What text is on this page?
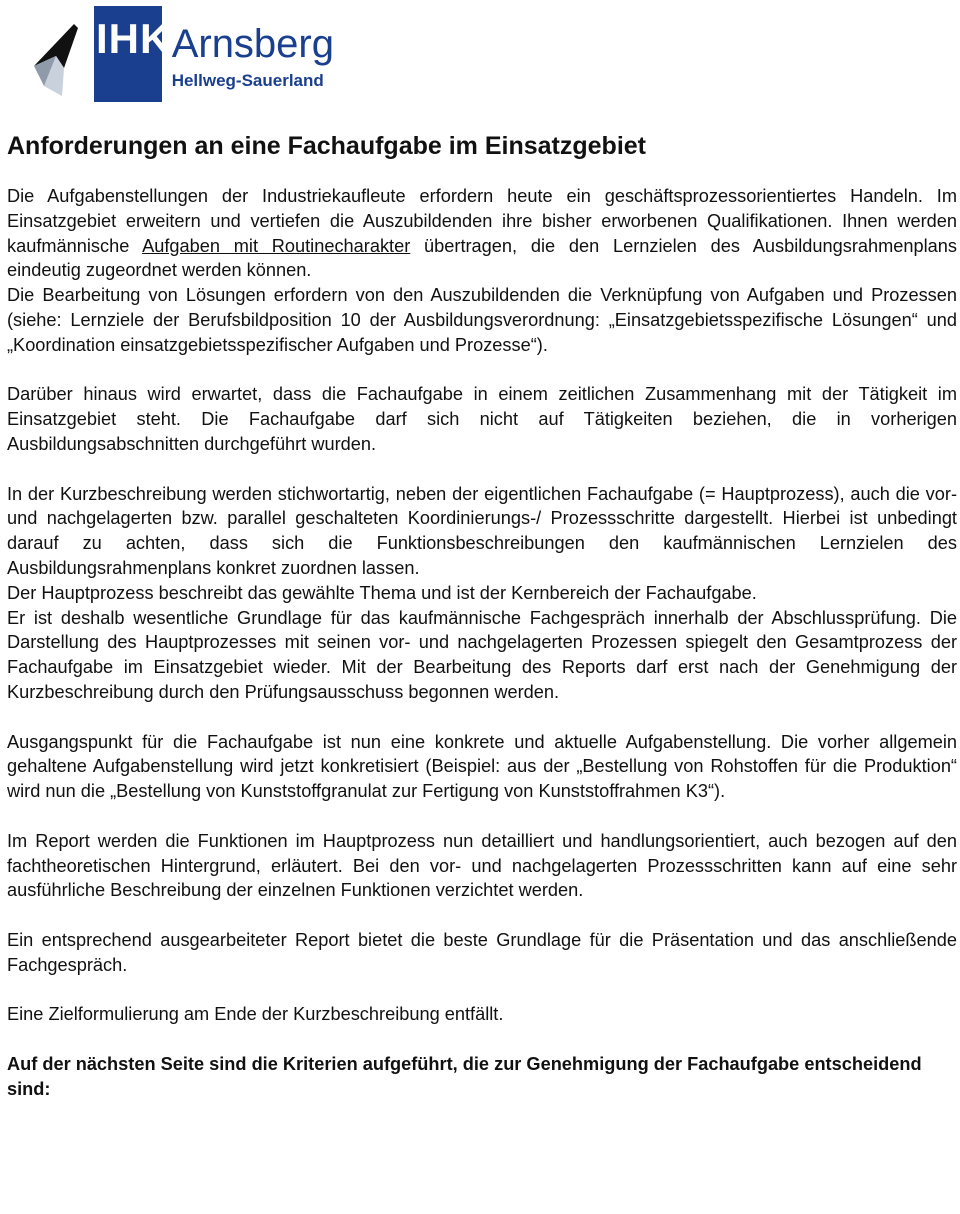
IHK Arnsberg
Hellweg-Sauerland
Anforderungen an eine Fachaufgabe im Einsatzgebiet

Die Aufgabenstellungen der Industriekaufleute erfordern heute ein geschäftsprozessorientiertes Handeln. Im Einsatzgebiet erweitern und vertiefen die Auszubildenden ihre bisher erworbenen Qualifikationen. Ihnen werden kaufmännische Aufgaben mit Routinecharakter übertragen, die den Lernzielen des Ausbildungsrahmenplans eindeutig zugeordnet werden können.

Die Bearbeitung von Lösungen erfordern von den Auszubildenden die Verknüpfung von Aufgaben und Prozessen (siehe: Lernziele der Berufsbildposition 10 der Ausbildungsverordnung: „Einsatzgebietsspezifische Lösungen“ und „Koordination einsatzgebietsspezifischer Aufgaben und Prozesse“).

Darüber hinaus wird erwartet, dass die Fachaufgabe in einem zeitlichen Zusammenhang mit der Tätigkeit im Einsatzgebiet steht. Die Fachaufgabe darf sich nicht auf Tätigkeiten beziehen, die in vorherigen Ausbildungsabschnitten durchgeführt wurden.

In der Kurzbeschreibung werden stichwortartig, neben der eigentlichen Fachaufgabe (= Hauptprozess), auch die vor- und nachgelagerten bzw. parallel geschalteten Koordinierungs-/ Prozessschritte dargestellt. Hierbei ist unbedingt darauf zu achten, dass sich die Funktionsbeschreibungen den kaufmännischen Lernzielen des Ausbildungsrahmenplans konkret zuordnen lassen.

Der Hauptprozess beschreibt das gewählte Thema und ist der Kernbereich der Fachaufgabe.

Er ist deshalb wesentliche Grundlage für das kaufmännische Fachgespräch innerhalb der Abschlussprüfung. Die Darstellung des Hauptprozesses mit seinen vor- und nachgelagerten Prozessen spiegelt den Gesamtprozess der Fachaufgabe im Einsatzgebiet wieder. Mit der Bearbeitung des Reports darf erst nach der Genehmigung der Kurzbeschreibung durch den Prüfungsausschuss begonnen werden.

Ausgangspunkt für die Fachaufgabe ist nun eine konkrete und aktuelle Aufgabenstellung. Die vorher allgemein gehaltene Aufgabenstellung wird jetzt konkretisiert (Beispiel: aus der „Bestellung von Rohstoffen für die Produktion“ wird nun die „Bestellung von Kunststoffgranulat zur Fertigung von Kunststoffrahmen K3“).

Im Report werden die Funktionen im Hauptprozess nun detailliert und handlungsorientiert, auch bezogen auf den fachtheoretischen Hintergrund, erläutert. Bei den vor- und nachgelagerten Prozessschritten kann auf eine sehr ausführliche Beschreibung der einzelnen Funktionen verzichtet werden.

Ein entsprechend ausgearbeiteter Report bietet die beste Grundlage für die Präsentation und das anschließende Fachgespräch.

Eine Zielformulierung am Ende der Kurzbeschreibung entfällt.

Auf der nächsten Seite sind die Kriterien aufgeführt, die zur Genehmigung der Fachaufgabe entscheidend sind:
